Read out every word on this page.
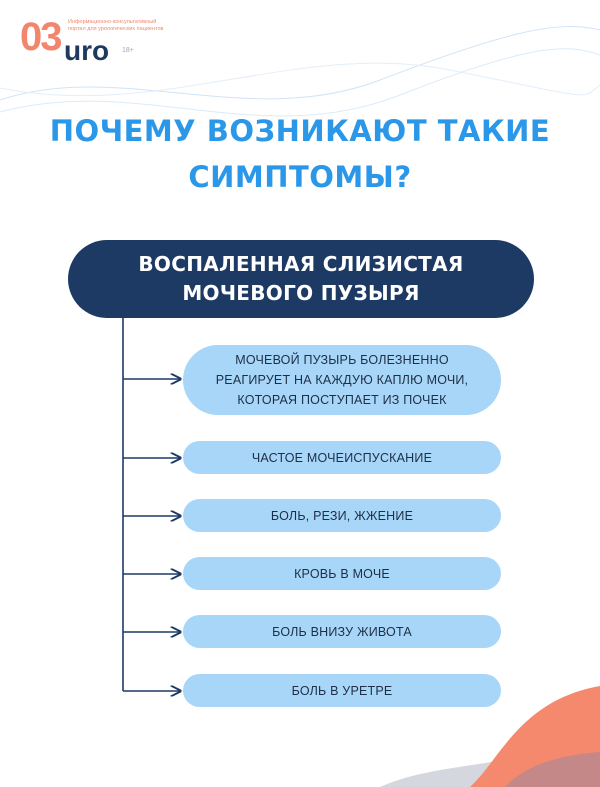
03 uro
Информационно-консультативный портал для урологических пациентов
18+
ПОЧЕМУ ВОЗНИКАЮТ ТАКИЕ
СИМПТОМЫ?
ВОСПАЛЕННАЯ СЛИЗИСТАЯ
МОЧЕВОГО ПУЗЫРЯ
МОЧЕВОЙ ПУЗЫРЬ БОЛЕЗНЕННО
РЕАГИРУЕТ НА КАЖДУЮ КАПЛЮ МОЧИ,
КОТОРАЯ ПОСТУПАЕТ ИЗ ПОЧЕК
ЧАСТОЕ МОЧЕИСПУСКАНИЕ
БОЛЬ, РЕЗИ, ЖЖЕНИЕ
КРОВЬ В МОЧЕ
БОЛЬ ВНИЗУ ЖИВОТА
БОЛЬ В УРЕТРЕ
